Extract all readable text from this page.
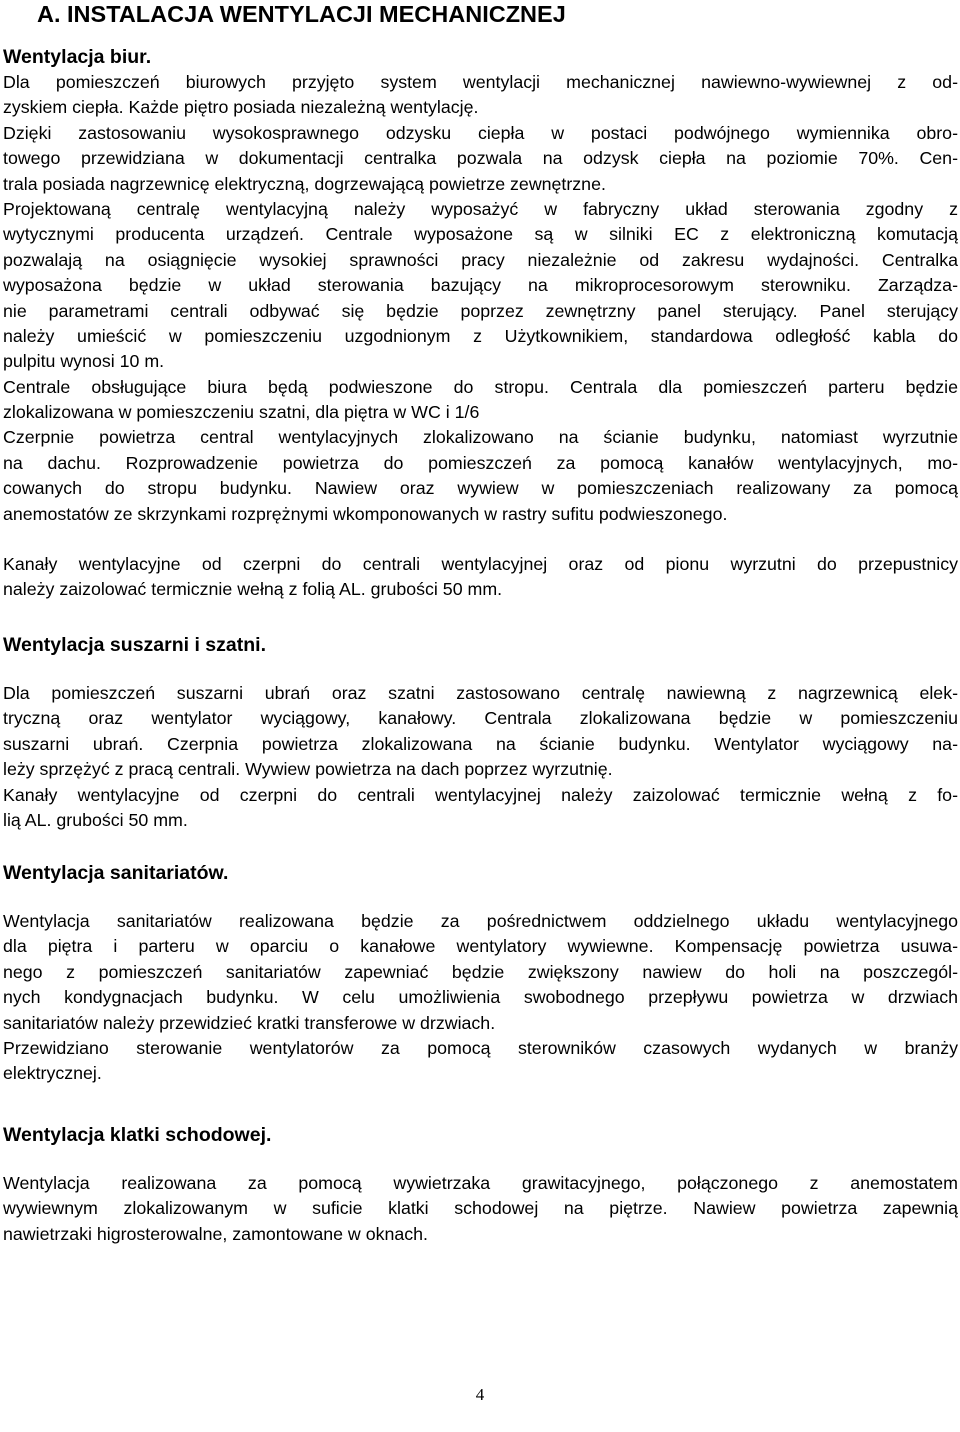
A. INSTALACJA WENTYLACJI MECHANICZNEJ
Wentylacja biur.
Dla pomieszczeń biurowych przyjęto system wentylacji mechanicznej nawiewno-wywiewnej z od-
zyskiem ciepła. Każde piętro posiada niezależną wentylację.
Dzięki zastosowaniu wysokosprawnego odzysku ciepła w postaci podwójnego wymiennika obro-
towego przewidziana w dokumentacji centralka pozwala na odzysk ciepła na poziomie 70%. Cen-
trala posiada nagrzewnicę elektryczną, dogrzewającą powietrze zewnętrzne.
Projektowaną centralę wentylacyjną należy wyposażyć w fabryczny układ sterowania zgodny z
wytycznymi producenta urządzeń. Centrale wyposażone są w silniki EC z elektroniczną komutacją
pozwalają na osiągnięcie wysokiej sprawności pracy niezależnie od zakresu wydajności. Centralka
wyposażona będzie w układ sterowania bazujący na mikroprocesorowym sterowniku. Zarządza-
nie parametrami centrali odbywać się będzie poprzez zewnętrzny panel sterujący. Panel sterujący
należy umieścić w pomieszczeniu uzgodnionym z Użytkownikiem, standardowa odległość kabla do
pulpitu wynosi 10 m.
Centrale obsługujące biura będą podwieszone do stropu. Centrala dla pomieszczeń parteru będzie
zlokalizowana w pomieszczeniu szatni, dla piętra w WC i 1/6
Czerpnie powietrza central wentylacyjnych zlokalizowano na ścianie budynku, natomiast wyrzutnie
na dachu. Rozprowadzenie powietrza do pomieszczeń za pomocą kanałów wentylacyjnych, mo-
cowanych do stropu budynku. Nawiew oraz wywiew w pomieszczeniach realizowany za pomocą
anemostatów ze skrzynkami rozprężnymi wkomponowanych w rastry sufitu podwieszonego.
Kanały wentylacyjne od czerpni do centrali wentylacyjnej oraz od pionu wyrzutni do przepustnicy
należy zaizolować termicznie wełną z folią AL. grubości 50 mm.
Wentylacja suszarni i szatni.
Dla pomieszczeń suszarni ubrań oraz szatni zastosowano centralę nawiewną z nagrzewnicą elek-
tryczną oraz wentylator wyciągowy, kanałowy. Centrala zlokalizowana będzie w pomieszczeniu
suszarni ubrań. Czerpnia powietrza zlokalizowana na ścianie budynku. Wentylator wyciągowy na-
leży sprzężyć z pracą centrali. Wywiew powietrza na dach poprzez wyrzutnię.
Kanały wentylacyjne od czerpni do centrali wentylacyjnej należy zaizolować termicznie wełną z fo-
lią AL. grubości 50 mm.
Wentylacja sanitariatów.
Wentylacja sanitariatów realizowana będzie za pośrednictwem oddzielnego układu wentylacyjnego
dla piętra i parteru w oparciu o kanałowe wentylatory wywiewne. Kompensację powietrza usuwa-
nego z pomieszczeń sanitariatów zapewniać będzie zwiększony nawiew do holi na poszczegól-
nych kondygnacjach budynku. W celu umożliwienia swobodnego przepływu powietrza w drzwiach
sanitariatów należy przewidzieć kratki transferowe w drzwiach.
Przewidziano sterowanie wentylatorów za pomocą sterowników czasowych wydanych w branży
elektrycznej.
Wentylacja klatki schodowej.
Wentylacja realizowana za pomocą wywietrzaka grawitacyjnego, połączonego z anemostatem
wywiewnym zlokalizowanym w suficie klatki schodowej na piętrze. Nawiew powietrza zapewnią
nawietrzaki higrosterowalne, zamontowane w oknach.
4
